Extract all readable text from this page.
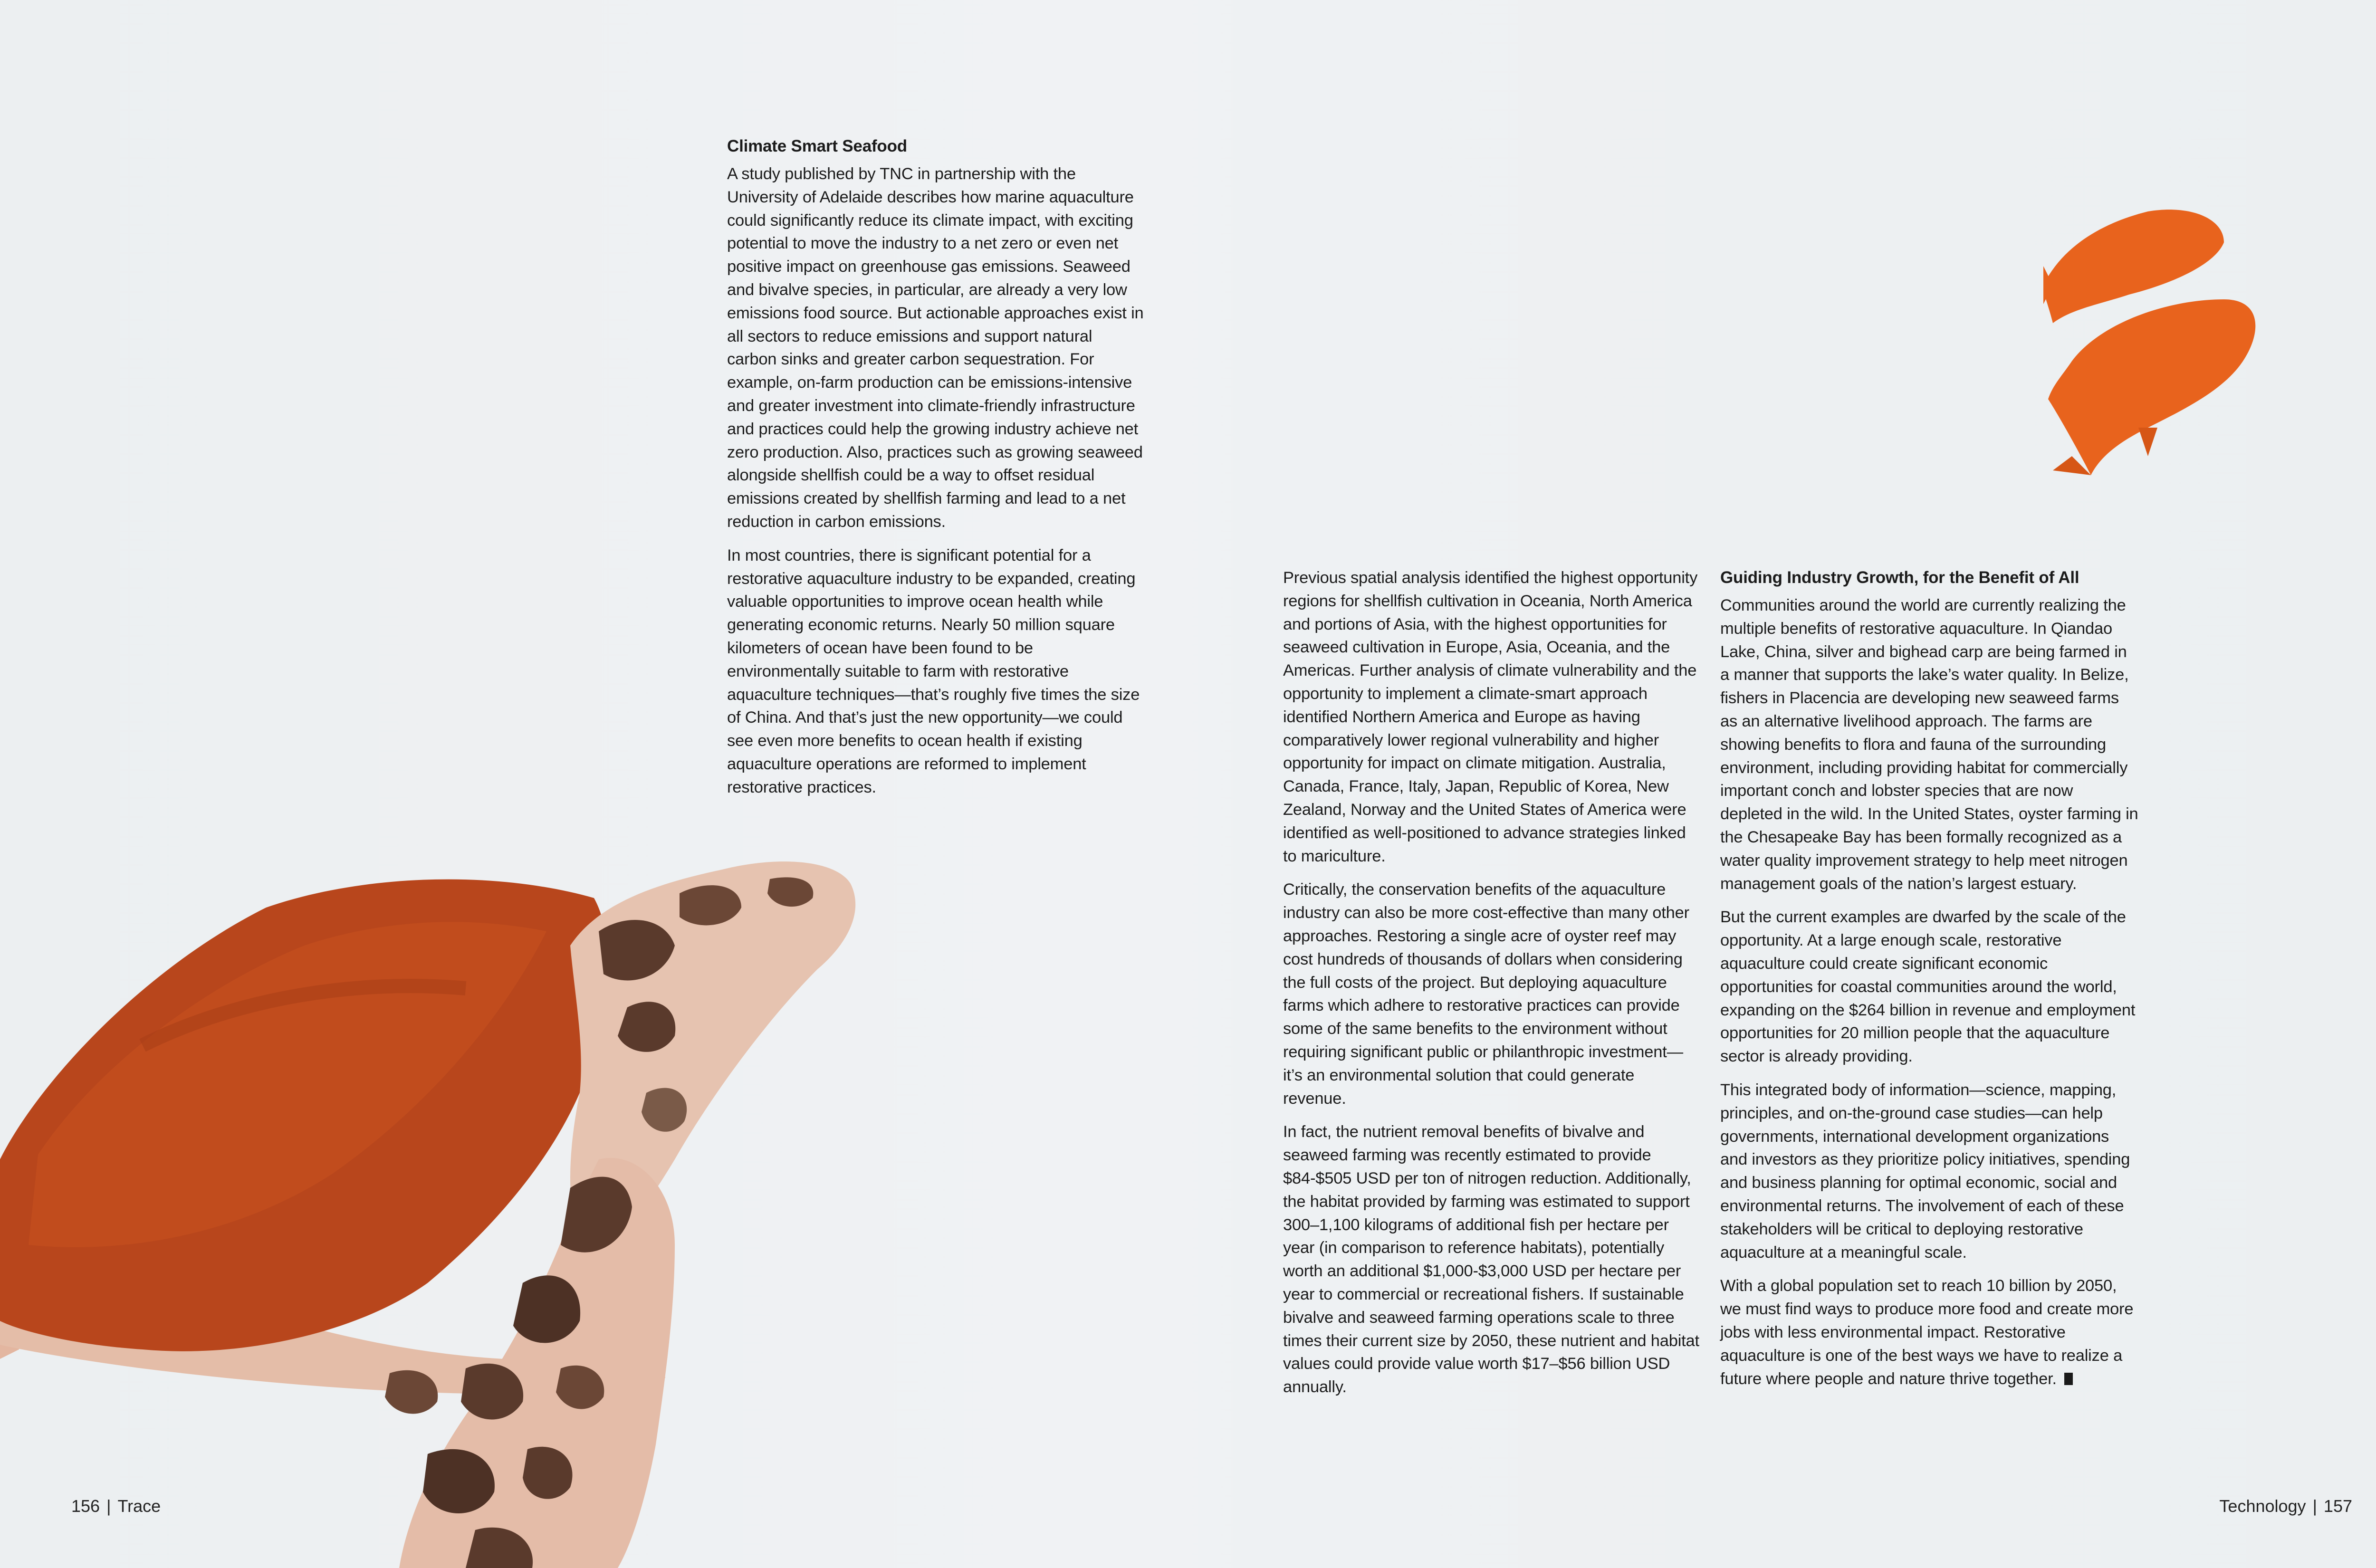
Climate Smart Seafood

A study published by TNC in partnership with the University of Adelaide describes how marine aquaculture could significantly reduce its climate impact, with exciting potential to move the industry to a net zero or even net positive impact on greenhouse gas emissions. Seaweed and bivalve species, in particular, are already a very low emissions food source. But actionable approaches exist in all sectors to reduce emissions and support natural carbon sinks and greater carbon sequestration. For example, on-farm production can be emissions-intensive and greater investment into climate-friendly infrastructure and practices could help the growing industry achieve net zero production. Also, practices such as growing seaweed alongside shellfish could be a way to offset residual emissions created by shellfish farming and lead to a net reduction in carbon emissions.

In most countries, there is significant potential for a restorative aquaculture industry to be expanded, creating valuable opportunities to improve ocean health while generating economic returns. Nearly 50 million square kilometers of ocean have been found to be environmentally suitable to farm with restorative aquaculture techniques—that’s roughly five times the size of China. And that’s just the new opportunity—we could see even more benefits to ocean health if existing aquaculture operations are reformed to implement restorative practices.

Previous spatial analysis identified the highest opportunity regions for shellfish cultivation in Oceania, North America and portions of Asia, with the highest opportunities for seaweed cultivation in Europe, Asia, Oceania, and the Americas. Further analysis of climate vulnerability and the opportunity to implement a climate-smart approach identified Northern America and Europe as having comparatively lower regional vulnerability and higher opportunity for impact on climate mitigation. Australia, Canada, France, Italy, Japan, Republic of Korea, New Zealand, Norway and the United States of America were identified as well-positioned to advance strategies linked to mariculture.

Critically, the conservation benefits of the aquaculture industry can also be more cost-effective than many other approaches. Restoring a single acre of oyster reef may cost hundreds of thousands of dollars when considering the full costs of the project. But deploying aquaculture farms which adhere to restorative practices can provide some of the same benefits to the environment without requiring significant public or philanthropic investment—it’s an environmental solution that could generate revenue.

In fact, the nutrient removal benefits of bivalve and seaweed farming was recently estimated to provide $84-$505 USD per ton of nitrogen reduction. Additionally, the habitat provided by farming was estimated to support 300–1,100 kilograms of additional fish per hectare per year (in comparison to reference habitats), potentially worth an additional $1,000-$3,000 USD per hectare per year to commercial or recreational fishers. If sustainable bivalve and seaweed farming operations scale to three times their current size by 2050, these nutrient and habitat values could provide value worth $17–$56 billion USD annually.

Guiding Industry Growth, for the Benefit of All

Communities around the world are currently realizing the multiple benefits of restorative aquaculture. In Qiandao Lake, China, silver and bighead carp are being farmed in a manner that supports the lake’s water quality. In Belize, fishers in Placencia are developing new seaweed farms as an alternative livelihood approach. The farms are showing benefits to flora and fauna of the surrounding environment, including providing habitat for commercially important conch and lobster species that are now depleted in the wild. In the United States, oyster farming in the Chesapeake Bay has been formally recognized as a water quality improvement strategy to help meet nitrogen management goals of the nation’s largest estuary.

But the current examples are dwarfed by the scale of the opportunity. At a large enough scale, restorative aquaculture could create significant economic opportunities for coastal communities around the world, expanding on the $264 billion in revenue and employment opportunities for 20 million people that the aquaculture sector is already providing.

This integrated body of information—science, mapping, principles, and on-the-ground case studies—can help governments, international development organizations and investors as they prioritize policy initiatives, spending and business planning for optimal economic, social and environmental returns. The involvement of each of these stakeholders will be critical to deploying restorative aquaculture at a meaningful scale.

With a global population set to reach 10 billion by 2050, we must find ways to produce more food and create more jobs with less environmental impact. Restorative aquaculture is one of the best ways we have to realize a future where people and nature thrive together.

156 | Trace	Technology | 157
